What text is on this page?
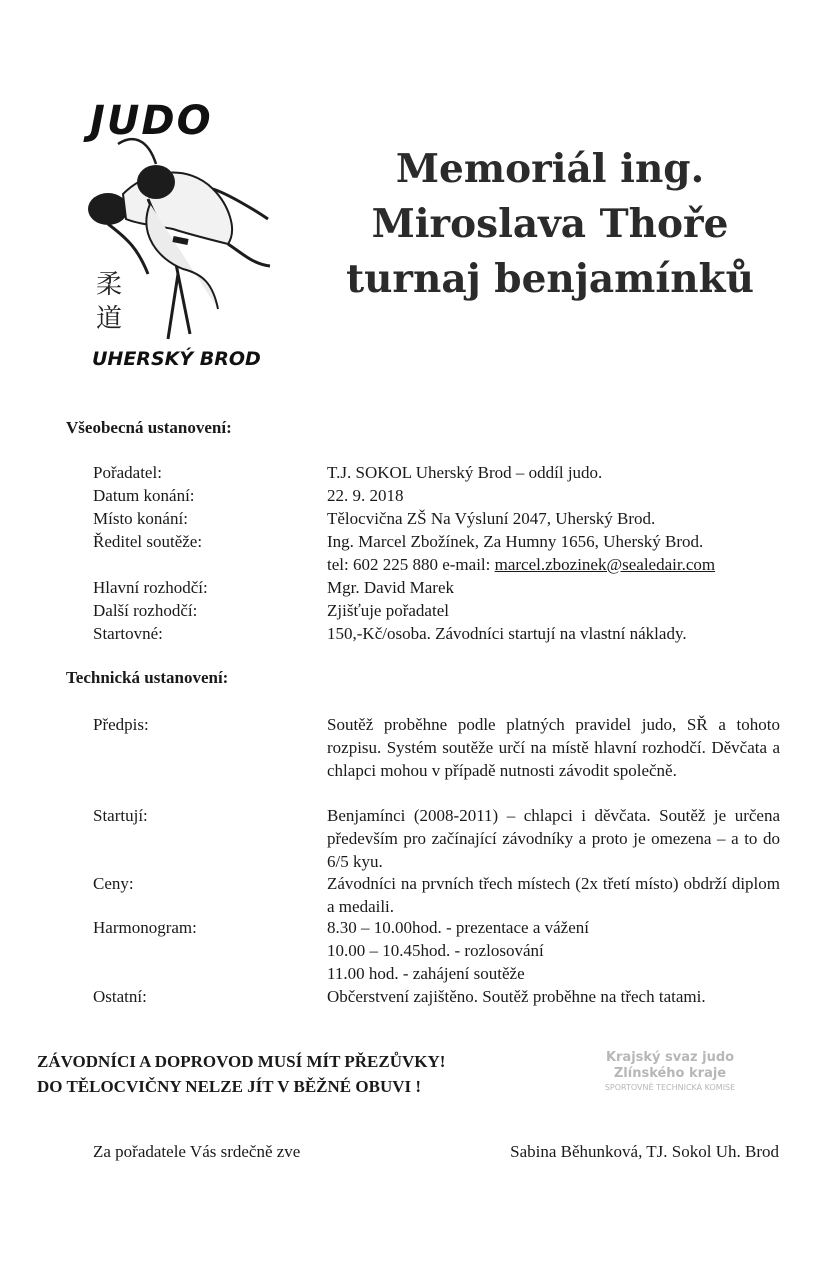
JUDO
柔道
UHERSKÝ BROD
Memoriál ing.
Miroslava Thoře
turnaj benjamínků
Všeobecná ustanovení:
Pořadatel:	T.J. SOKOL Uherský Brod – oddíl judo.
Datum konání:	22. 9. 2018
Místo konání:	Tělocvična ZŠ Na Výsluní 2047, Uherský Brod.
Ředitel soutěže:	Ing. Marcel Zbožínek, Za Humny 1656, Uherský Brod.
tel: 602 225 880 e-mail: marcel.zbozinek@sealedair.com
Hlavní rozhodčí:	Mgr. David Marek
Další rozhodčí:	Zjišťuje pořadatel
Startovné:	150,-Kč/osoba. Závodníci startují na vlastní náklady.
Technická ustanovení:
Předpis:	Soutěž proběhne podle platných pravidel judo, SŘ a tohoto rozpisu. Systém soutěže určí na místě hlavní rozhodčí. Děvčata a chlapci mohou v případě nutnosti závodit společně.
Startují:	Benjamínci (2008-2011) – chlapci i děvčata. Soutěž je určena především pro začínající závodníky a proto je omezena – a to do 6/5 kyu.
Ceny:	Závodníci na prvních třech místech (2x třetí místo) obdrží diplom a medaili.
Harmonogram:	8.30 – 10.00hod. - prezentace a vážení
10.00 – 10.45hod. - rozlosování
11.00 hod. - zahájení soutěže
Ostatní:	Občerstvení zajištěno. Soutěž proběhne na třech tatami.
ZÁVODNÍCI A DOPROVOD MUSÍ MÍT PŘEZŮVKY!
DO TĚLOCVIČNY NELZE JÍT V BĚŽNÉ OBUVI !
Krajský svaz judo
Zlínského kraje
SPORTOVNĚ TECHNICKÁ KOMISE
Za pořadatele Vás srdečně zve	Sabina Běhunková, TJ. Sokol Uh. Brod
